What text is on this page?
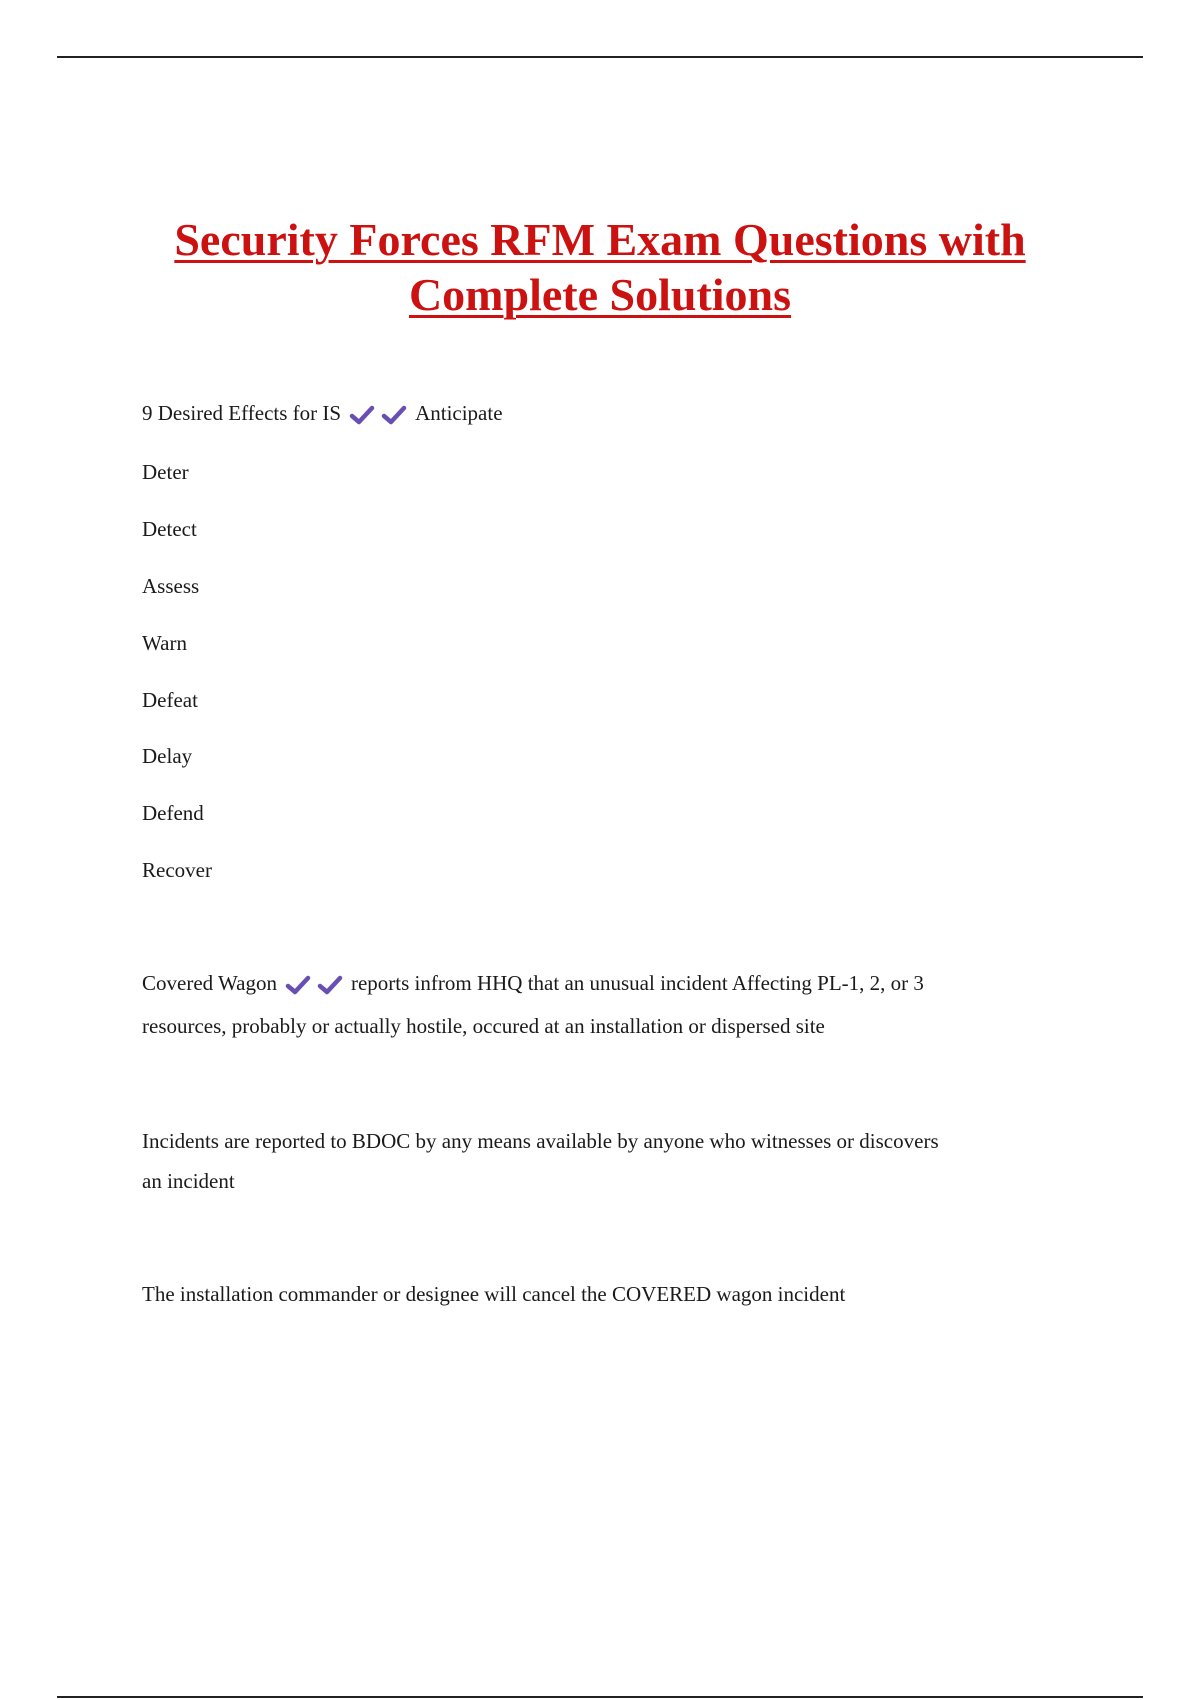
Security Forces RFM Exam Questions with
Complete Solutions
9 Desired Effects for IS	Anticipate
Deter
Detect
Assess
Warn
Defeat
Delay
Defend
Recover
Covered Wagon	reports infrom HHQ that an unusual incident Affecting PL-1, 2, or 3
resources, probably or actually hostile, occured at an installation or dispersed site
Incidents are reported to BDOC by any means available by anyone who witnesses or discovers
an incident
The installation commander or designee will cancel the COVERED wagon incident
